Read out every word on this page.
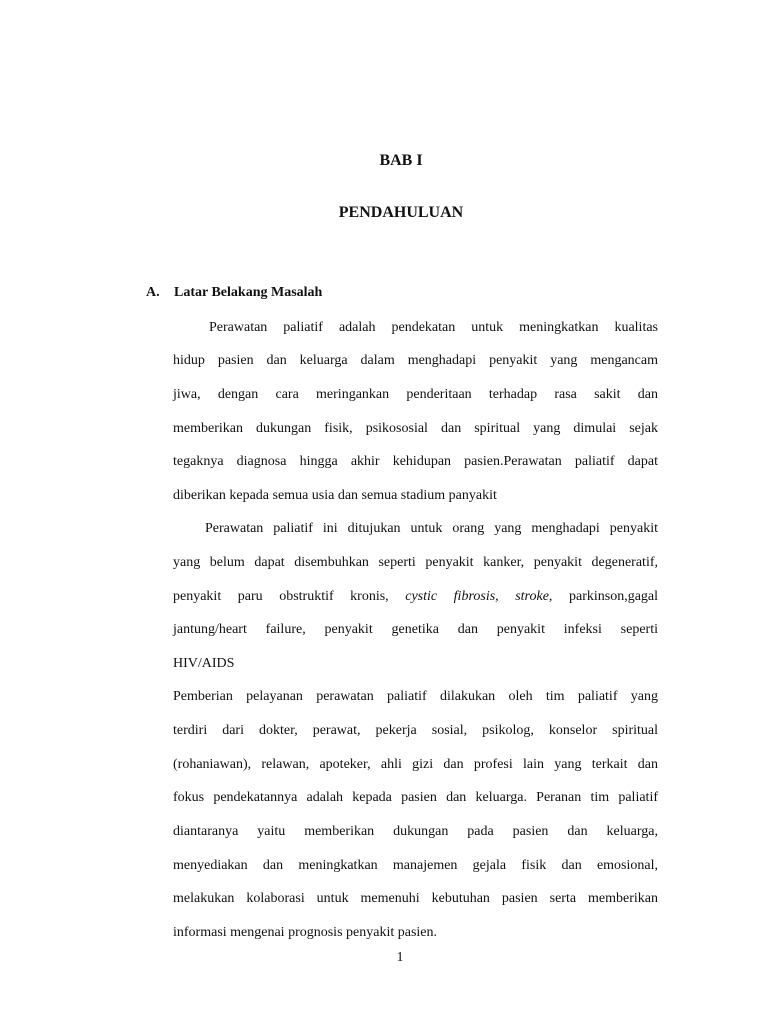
BAB I
PENDAHULUAN
A. Latar Belakang Masalah
Perawatan paliatif adalah pendekatan untuk meningkatkan kualitas
hidup pasien dan keluarga dalam menghadapi penyakit yang mengancam
jiwa, dengan cara meringankan penderitaan terhadap rasa sakit dan
memberikan dukungan fisik, psikososial dan spiritual yang dimulai sejak
tegaknya diagnosa hingga akhir kehidupan pasien.Perawatan paliatif dapat
diberikan kepada semua usia dan semua stadium panyakit
Perawatan paliatif ini ditujukan untuk orang yang menghadapi penyakit
yang belum dapat disembuhkan seperti penyakit kanker, penyakit degeneratif,
penyakit paru obstruktif kronis, cystic fibrosis, stroke, parkinson,gagal
jantung/heart failure, penyakit genetika dan penyakit infeksi seperti
HIV/AIDS
Pemberian pelayanan perawatan paliatif dilakukan oleh tim paliatif yang
terdiri dari dokter, perawat, pekerja sosial, psikolog, konselor spiritual
(rohaniawan), relawan, apoteker, ahli gizi dan profesi lain yang terkait dan
fokus pendekatannya adalah kepada pasien dan keluarga. Peranan tim paliatif
diantaranya yaitu memberikan dukungan pada pasien dan keluarga,
menyediakan dan meningkatkan manajemen gejala fisik dan emosional,
melakukan kolaborasi untuk memenuhi kebutuhan pasien serta memberikan
informasi mengenai prognosis penyakit pasien.
1
